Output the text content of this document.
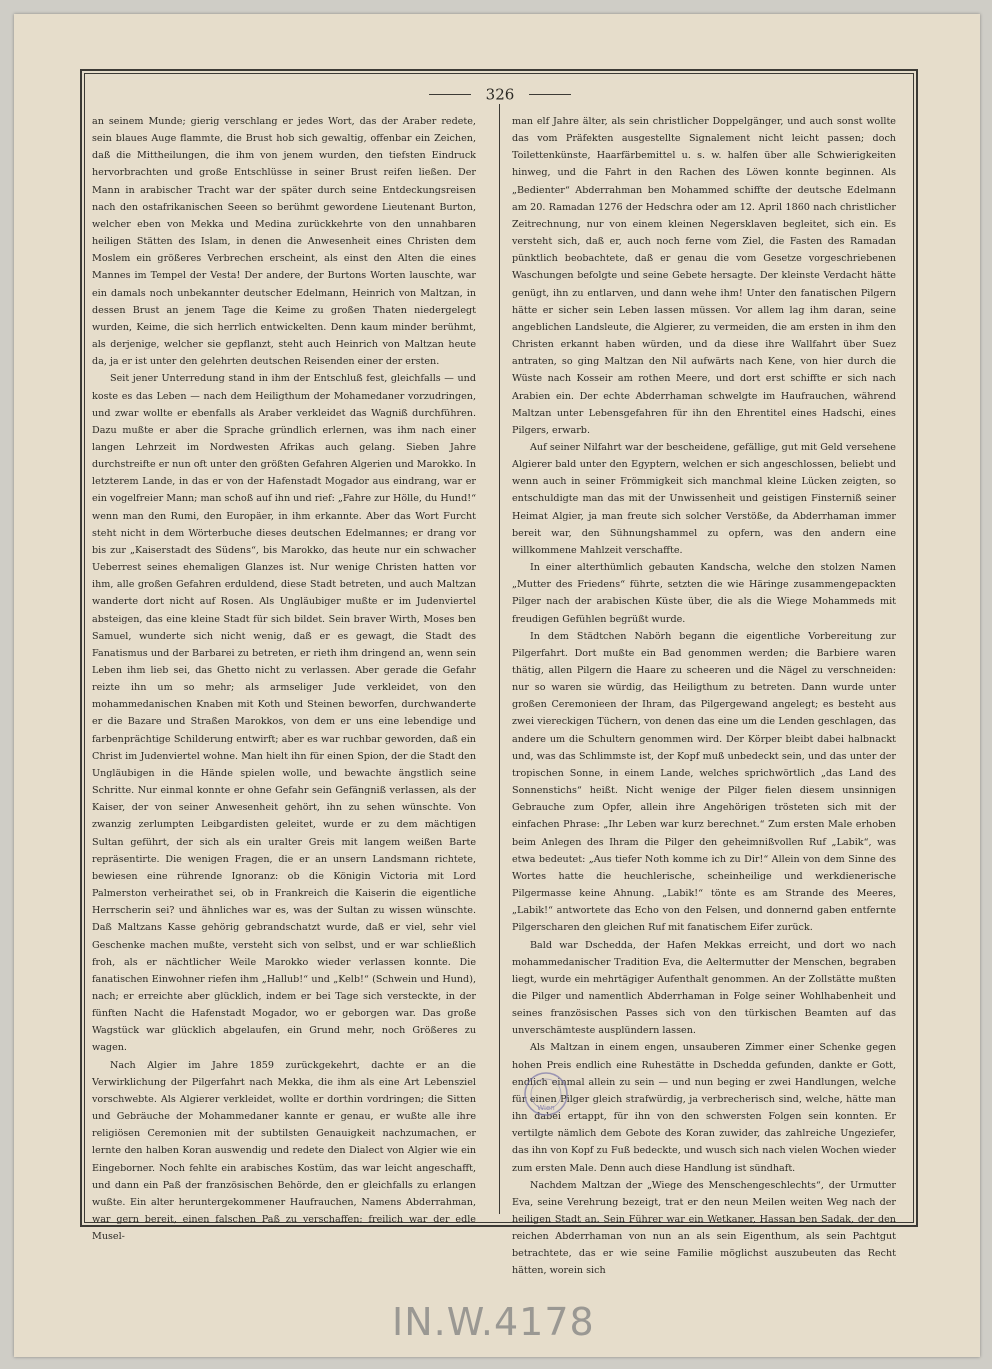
326

an seinem Munde; gierig verschlang er jedes Wort, das der Araber redete, sein blaues Auge flammte, die Brust hob sich gewaltig, offenbar ein Zeichen, daß die Mittheilungen, die ihm von jenem wurden, den tiefsten Eindruck hervorbrachten und große Entschlüsse in seiner Brust reifen ließen. Der Mann in arabischer Tracht war der später durch seine Entdeckungsreisen nach den ostafrikanischen Seeen so berühmt gewordene Lieutenant Burton, welcher eben von Mekka und Medina zurückkehrte von den unnahbaren heiligen Stätten des Islam, in denen die Anwesenheit eines Christen dem Moslem ein größeres Verbrechen erscheint, als einst den Alten die eines Mannes im Tempel der Vesta! Der andere, der Burtons Worten lauschte, war ein damals noch unbekannter deutscher Edelmann, Heinrich von Maltzan, in dessen Brust an jenem Tage die Keime zu großen Thaten niedergelegt wurden, Keime, die sich herrlich entwickelten. Denn kaum minder berühmt, als derjenige, welcher sie gepflanzt, steht auch Heinrich von Maltzan heute da, ja er ist unter den gelehrten deutschen Reisenden einer der ersten.

Seit jener Unterredung stand in ihm der Entschluß fest, gleichfalls — und koste es das Leben — nach dem Heiligthum der Mohamedaner vorzudringen, und zwar wollte er ebenfalls als Araber verkleidet das Wagniß durchführen. Dazu mußte er aber die Sprache gründlich erlernen, was ihm nach einer langen Lehrzeit im Nordwesten Afrikas auch gelang. Sieben Jahre durchstreifte er nun oft unter den größten Gefahren Algerien und Marokko. In letzterem Lande, in das er von der Hafenstadt Mogador aus eindrang, war er ein vogelfreier Mann; man schoß auf ihn und rief: „Fahre zur Hölle, du Hund!“ wenn man den Rumi, den Europäer, in ihm erkannte. Aber das Wort Furcht steht nicht in dem Wörterbuche dieses deutschen Edelmannes; er drang vor bis zur „Kaiserstadt des Südens“, bis Marokko, das heute nur ein schwacher Ueberrest seines ehemaligen Glanzes ist. Nur wenige Christen hatten vor ihm, alle großen Gefahren erduldend, diese Stadt betreten, und auch Maltzan wanderte dort nicht auf Rosen. Als Ungläubiger mußte er im Judenviertel absteigen, das eine kleine Stadt für sich bildet. Sein braver Wirth, Moses ben Samuel, wunderte sich nicht wenig, daß er es gewagt, die Stadt des Fanatismus und der Barbarei zu betreten, er rieth ihm dringend an, wenn sein Leben ihm lieb sei, das Ghetto nicht zu verlassen. Aber gerade die Gefahr reizte ihn um so mehr; als armseliger Jude verkleidet, von den mohammedanischen Knaben mit Koth und Steinen beworfen, durchwanderte er die Bazare und Straßen Marokkos, von dem er uns eine lebendige und farbenprächtige Schilderung entwirft; aber es war ruchbar geworden, daß ein Christ im Judenviertel wohne. Man hielt ihn für einen Spion, der die Stadt den Ungläubigen in die Hände spielen wolle, und bewachte ängstlich seine Schritte. Nur einmal konnte er ohne Gefahr sein Gefängniß verlassen, als der Kaiser, der von seiner Anwesenheit gehört, ihn zu sehen wünschte. Von zwanzig zerlumpten Leibgardisten geleitet, wurde er zu dem mächtigen Sultan geführt, der sich als ein uralter Greis mit langem weißen Barte repräsentirte. Die wenigen Fragen, die er an unsern Landsmann richtete, bewiesen eine rührende Ignoranz: ob die Königin Victoria mit Lord Palmerston verheirathet sei, ob in Frankreich die Kaiserin die eigentliche Herrscherin sei? und ähnliches war es, was der Sultan zu wissen wünschte. Daß Maltzans Kasse gehörig gebrandschatzt wurde, daß er viel, sehr viel Geschenke machen mußte, versteht sich von selbst, und er war schließlich froh, als er nächtlicher Weile Marokko wieder verlassen konnte. Die fanatischen Einwohner riefen ihm „Hallub!“ und „Kelb!“ (Schwein und Hund), nach; er erreichte aber glücklich, indem er bei Tage sich versteckte, in der fünften Nacht die Hafenstadt Mogador, wo er geborgen war. Das große Wagstück war glücklich abgelaufen, ein Grund mehr, noch Größeres zu wagen.

Nach Algier im Jahre 1859 zurückgekehrt, dachte er an die Verwirklichung der Pilgerfahrt nach Mekka, die ihm als eine Art Lebensziel vorschwebte. Als Algierer verkleidet, wollte er dorthin vordringen; die Sitten und Gebräuche der Mohammedaner kannte er genau, er wußte alle ihre religiösen Ceremonien mit der subtilsten Genauigkeit nachzumachen, er lernte den halben Koran auswendig und redete den Dialect von Algier wie ein Eingeborner. Noch fehlte ein arabisches Kostüm, das war leicht angeschafft, und dann ein Paß der französischen Behörde, den er gleichfalls zu erlangen wußte. Ein alter heruntergekommener Haufrauchen, Namens Abderrahman, war gern bereit, einen falschen Paß zu verschaffen; freilich war der edle Musel-

man elf Jahre älter, als sein christlicher Doppelgänger, und auch sonst wollte das vom Präfekten ausgestellte Signalement nicht leicht passen; doch Toilettenkünste, Haarfärbemittel u. s. w. halfen über alle Schwierigkeiten hinweg, und die Fahrt in den Rachen des Löwen konnte beginnen. Als „Bedienter“ Abderrahman ben Mohammed schiffte der deutsche Edelmann am 20. Ramadan 1276 der Hedschra oder am 12. April 1860 nach christlicher Zeitrechnung, nur von einem kleinen Negersklaven begleitet, sich ein. Es versteht sich, daß er, auch noch ferne vom Ziel, die Fasten des Ramadan pünktlich beobachtete, daß er genau die vom Gesetze vorgeschriebenen Waschungen befolgte und seine Gebete hersagte. Der kleinste Verdacht hätte genügt, ihn zu entlarven, und dann wehe ihm! Unter den fanatischen Pilgern hätte er sicher sein Leben lassen müssen. Vor allem lag ihm daran, seine angeblichen Landsleute, die Algierer, zu vermeiden, die am ersten in ihm den Christen erkannt haben würden, und da diese ihre Wallfahrt über Suez antraten, so ging Maltzan den Nil aufwärts nach Kene, von hier durch die Wüste nach Kosseir am rothen Meere, und dort erst schiffte er sich nach Arabien ein. Der echte Abderrhaman schwelgte im Haufrauchen, während Maltzan unter Lebensgefahren für ihn den Ehrentitel eines Hadschi, eines Pilgers, erwarb.

Auf seiner Nilfahrt war der bescheidene, gefällige, gut mit Geld versehene Algierer bald unter den Egyptern, welchen er sich angeschlossen, beliebt und wenn auch in seiner Frömmigkeit sich manchmal kleine Lücken zeigten, so entschuldigte man das mit der Unwissenheit und geistigen Finsterniß seiner Heimat Algier, ja man freute sich solcher Verstöße, da Abderrhaman immer bereit war, den Sühnungshammel zu opfern, was den andern eine willkommene Mahlzeit verschaffte.

In einer alterthümlich gebauten Kandscha, welche den stolzen Namen „Mutter des Friedens“ führte, setzten die wie Häringe zusammengepackten Pilger nach der arabischen Küste über, die als die Wiege Mohammeds mit freudigen Gefühlen begrüßt wurde.

In dem Städtchen Nabörh begann die eigentliche Vorbereitung zur Pilgerfahrt. Dort mußte ein Bad genommen werden; die Barbiere waren thätig, allen Pilgern die Haare zu scheeren und die Nägel zu verschneiden: nur so waren sie würdig, das Heiligthum zu betreten. Dann wurde unter großen Ceremonieen der Ihram, das Pilgergewand angelegt; es besteht aus zwei viereckigen Tüchern, von denen das eine um die Lenden geschlagen, das andere um die Schultern genommen wird. Der Körper bleibt dabei halbnackt und, was das Schlimmste ist, der Kopf muß unbedeckt sein, und das unter der tropischen Sonne, in einem Lande, welches sprichwörtlich „das Land des Sonnenstichs“ heißt. Nicht wenige der Pilger fielen diesem unsinnigen Gebrauche zum Opfer, allein ihre Angehörigen trösteten sich mit der einfachen Phrase: „Ihr Leben war kurz berechnet.“ Zum ersten Male erhoben beim Anlegen des Ihram die Pilger den geheimnißvollen Ruf „Labik“, was etwa bedeutet: „Aus tiefer Noth komme ich zu Dir!“ Allein von dem Sinne des Wortes hatte die heuchlerische, scheinheilige und werkdienerische Pilgermasse keine Ahnung. „Labik!“ tönte es am Strande des Meeres, „Labik!“ antwortete das Echo von den Felsen, und donnernd gaben entfernte Pilgerscharen den gleichen Ruf mit fanatischem Eifer zurück.

Bald war Dschedda, der Hafen Mekkas erreicht, und dort wo nach mohammedanischer Tradition Eva, die Aeltermutter der Menschen, begraben liegt, wurde ein mehrtägiger Aufenthalt genommen. An der Zollstätte mußten die Pilger und namentlich Abderrhaman in Folge seiner Wohlhabenheit und seines französischen Passes sich von den türkischen Beamten auf das unverschämteste ausplündern lassen.

Als Maltzan in einem engen, unsauberen Zimmer einer Schenke gegen hohen Preis endlich eine Ruhestätte in Dschedda gefunden, dankte er Gott, endlich einmal allein zu sein — und nun beging er zwei Handlungen, welche für einen Pilger gleich strafwürdig, ja verbrecherisch sind, welche, hätte man ihn dabei ertappt, für ihn von den schwersten Folgen sein konnten. Er vertilgte nämlich dem Gebote des Koran zuwider, das zahlreiche Ungeziefer, das ihn von Kopf zu Fuß bedeckte, und wusch sich nach vielen Wochen wieder zum ersten Male. Denn auch diese Handlung ist sündhaft.

Nachdem Maltzan der „Wiege des Menschengeschlechts“, der Urmutter Eva, seine Verehrung bezeigt, trat er den neun Meilen weiten Weg nach der heiligen Stadt an. Sein Führer war ein Wetkaner, Hassan ben Sadak, der den reichen Abderrhaman von nun an als sein Eigenthum, als sein Pachtgut betrachtete, das er wie seine Familie möglichst auszubeuten das Recht hätten, worein sich

Wien
IN.W.4178
